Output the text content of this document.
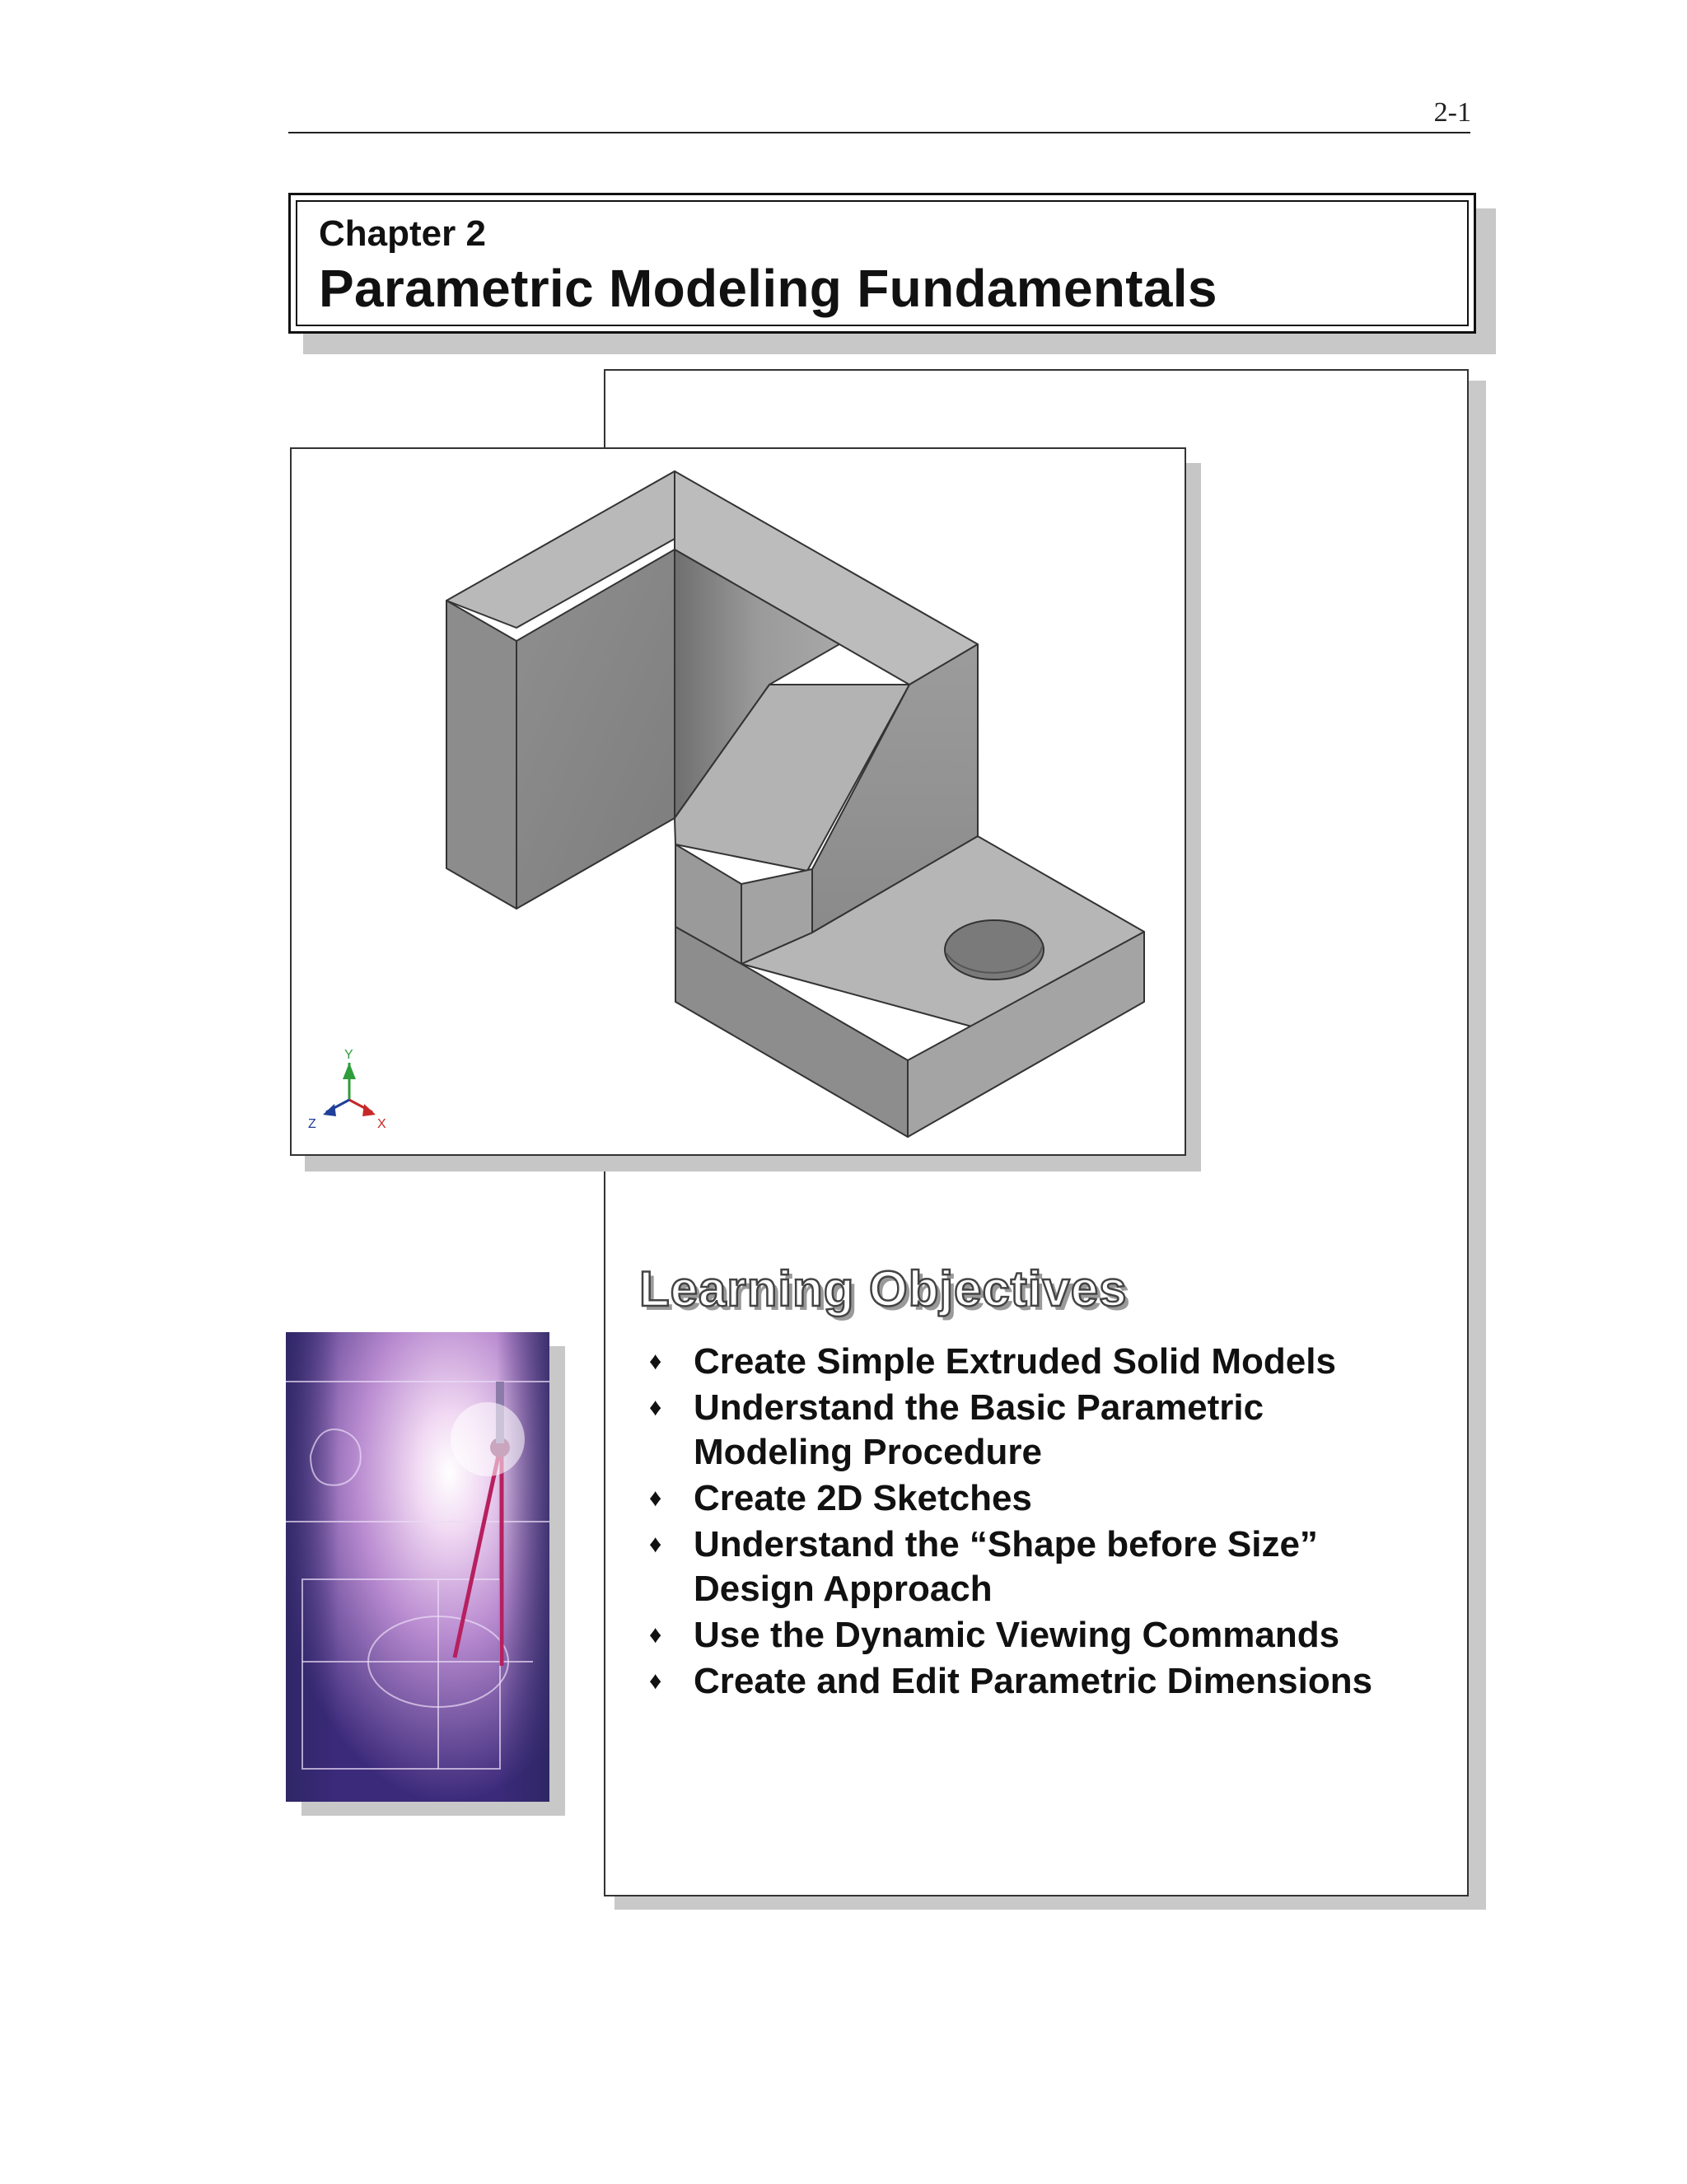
2-1
Chapter 2
Parametric Modeling Fundamentals
Y
X
Z
Learning Objectives
♦ Create Simple Extruded Solid Models
♦ Understand the Basic Parametric Modeling Procedure
♦ Create 2D Sketches
♦ Understand the “Shape before Size” Design Approach
♦ Use the Dynamic Viewing Commands
♦ Create and Edit Parametric Dimensions
